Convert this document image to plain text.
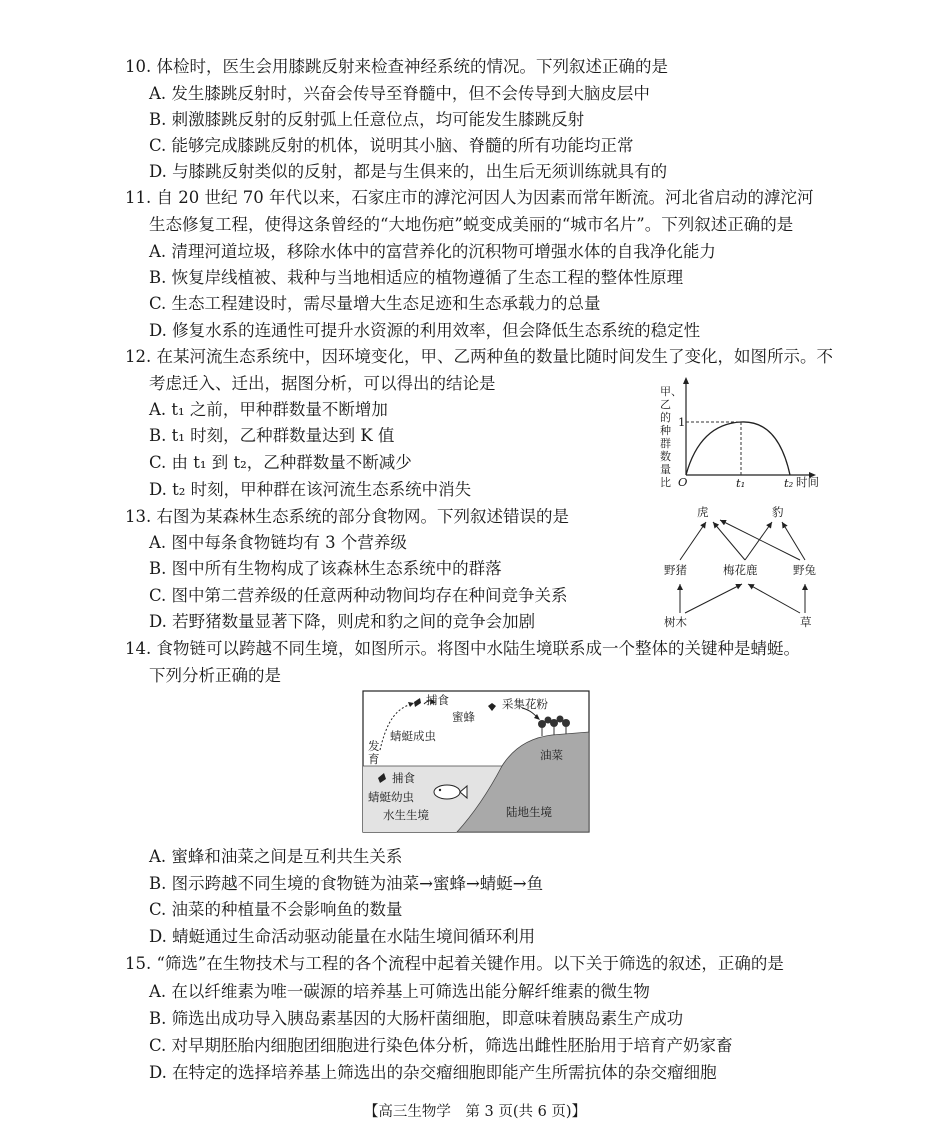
10. 体检时，医生会用膝跳反射来检查神经系统的情况。下列叙述正确的是
A. 发生膝跳反射时，兴奋会传导至脊髓中，但不会传导到大脑皮层中
B. 刺激膝跳反射的反射弧上任意位点，均可能发生膝跳反射
C. 能够完成膝跳反射的机体，说明其小脑、脊髓的所有功能均正常
D. 与膝跳反射类似的反射，都是与生俱来的，出生后无须训练就具有的
11. 自 20 世纪 70 年代以来，石家庄市的滹沱河因人为因素而常年断流。河北省启动的滹沱河
生态修复工程，使得这条曾经的“大地伤疤”蜕变成美丽的“城市名片”。下列叙述正确的是
A. 清理河道垃圾，移除水体中的富营养化的沉积物可增强水体的自我净化能力
B. 恢复岸线植被、栽种与当地相适应的植物遵循了生态工程的整体性原理
C. 生态工程建设时，需尽量增大生态足迹和生态承载力的总量
D. 修复水系的连通性可提升水资源的利用效率，但会降低生态系统的稳定性
12. 在某河流生态系统中，因环境变化，甲、乙两种鱼的数量比随时间发生了变化，如图所示。不
考虑迁入、迁出，据图分析，可以得出的结论是
A. t₁ 之前，甲种群数量不断增加
B. t₁ 时刻，乙种群数量达到 K 值
C. 由 t₁ 到 t₂，乙种群数量不断减少
D. t₂ 时刻，甲种群在该河流生态系统中消失
甲、乙的种群数量比
1
O	t₁	t₂ 时间
13. 右图为某森林生态系统的部分食物网。下列叙述错误的是
A. 图中每条食物链均有 3 个营养级
B. 图中所有生物构成了该森林生态系统中的群落
C. 图中第二营养级的任意两种动物间均存在种间竞争关系
D. 若野猪数量显著下降，则虎和豹之间的竞争会加剧
虎	豹
野猪	梅花鹿	野兔
树木	草
14. 食物链可以跨越不同生境，如图所示。将图中水陆生境联系成一个整体的关键种是蜻蜓。
下列分析正确的是
捕食
蜜蜂
采集花粉
发育
蜻蜓成虫
油菜
捕食
蜻蜓幼虫
水生生境	陆地生境
A. 蜜蜂和油菜之间是互利共生关系
B. 图示跨越不同生境的食物链为油菜→蜜蜂→蜻蜓→鱼
C. 油菜的种植量不会影响鱼的数量
D. 蜻蜓通过生命活动驱动能量在水陆生境间循环利用
15. “筛选”在生物技术与工程的各个流程中起着关键作用。以下关于筛选的叙述，正确的是
A. 在以纤维素为唯一碳源的培养基上可筛选出能分解纤维素的微生物
B. 筛选出成功导入胰岛素基因的大肠杆菌细胞，即意味着胰岛素生产成功
C. 对早期胚胎内细胞团细胞进行染色体分析，筛选出雌性胚胎用于培育产奶家畜
D. 在特定的选择培养基上筛选出的杂交瘤细胞即能产生所需抗体的杂交瘤细胞
【高三生物学　第 3 页(共 6 页)】
